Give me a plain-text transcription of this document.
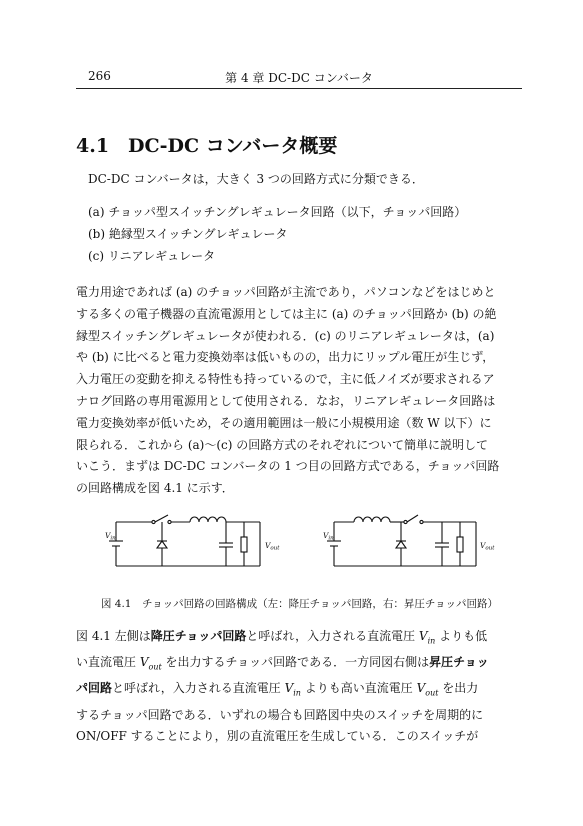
266	第 4 章 DC-DC コンバータ
4.1 DC-DC コンバータ概要
DC-DC コンバータは，大きく 3 つの回路方式に分類できる．
(a) チョッパ型スイッチングレギュレータ回路（以下，チョッパ回路）
(b) 絶縁型スイッチングレギュレータ
(c) リニアレギュレータ
電力用途であれば (a) のチョッパ回路が主流であり，パソコンなどをはじめと
する多くの電子機器の直流電源用としては主に (a) のチョッパ回路か (b) の絶
縁型スイッチングレギュレータが使われる．(c) のリニアレギュレータは，(a)
や (b) に比べると電力変換効率は低いものの，出力にリップル電圧が生じず，
入力電圧の変動を抑える特性も持っているので，主に低ノイズが要求されるア
ナログ回路の専用電源用として使用される．なお，リニアレギュレータ回路は
電力変換効率が低いため，その適用範囲は一般に小規模用途（数 W 以下）に
限られる．これから (a)〜(c) の回路方式のそれぞれについて簡単に説明して
いこう．まずは DC-DC コンバータの 1 つ目の回路方式である，チョッパ回路
の回路構成を図 4.1 に示す．
$V_{in}$
$V_{out}$
$V_{in}$
$V_{out}$
図 4.1　チョッパ回路の回路構成（左：降圧チョッパ回路，右：昇圧チョッパ回路）
図 4.1 左側は降圧チョッパ回路と呼ばれ，入力される直流電圧 $V_{in}$ よりも低
い直流電圧 $V_{out}$ を出力するチョッパ回路である．一方同図右側は昇圧チョッ
パ回路と呼ばれ，入力される直流電圧 $V_{in}$ よりも高い直流電圧 $V_{out}$ を出力
するチョッパ回路である．いずれの場合も回路図中央のスイッチを周期的に
ON/OFF することにより，別の直流電圧を生成している．このスイッチが
